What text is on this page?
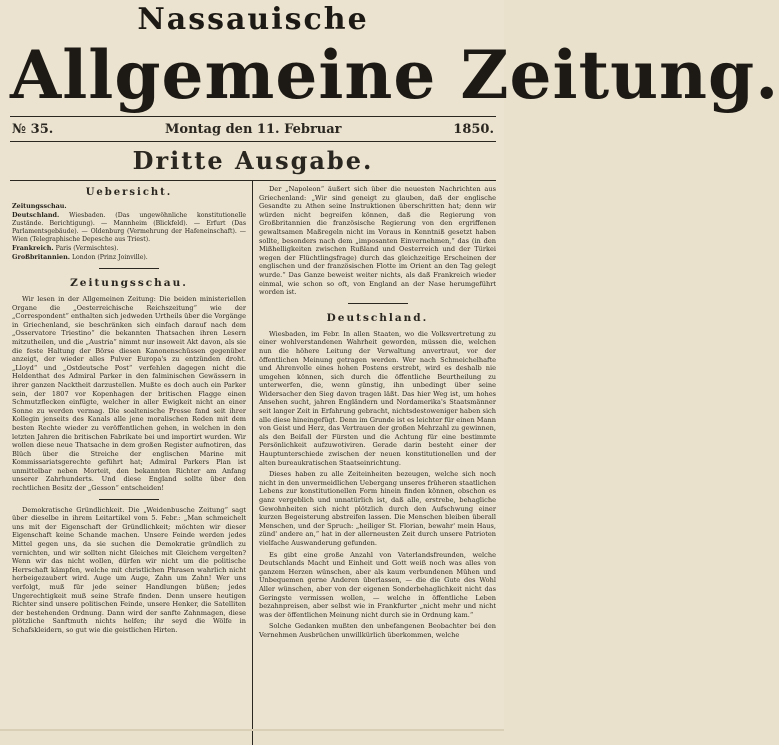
Nassauische
Allgemeine Zeitung.
№ 35.	Montag den 11. Februar	1850.
Dritte Ausgabe.
Uebersicht.
Zeitungsschau.
Deutschland. Wiesbaden. (Das ungewöhnliche konstitutionelle Zustände. Berichtigung). — Mannheim (Blickfeld). — Erfurt (Das Parlamentsgebäude). — Oldenburg (Vermehrung der Hafeneinschaft). — Wien (Telegraphische Depesche aus Triest).
Frankreich. Paris (Vermischtes).
Großbritannien. London (Prinz Joinville).
Zeitungsschau.

Wir lesen in der Allgemeinen Zeitung: Die beiden ministeriellen Organe die „Oesterreichische Reichszeitung“ wie der „Correspondent“ enthalten sich jedweden Urtheils über die Vorgänge in Griechenland, sie beschränken sich einfach darauf nach dem „Osservatore Triestino“ die bekannten Thatsachen ihren Lesern mitzutheilen, und die „Austria“ nimmt nur insoweit Akt davon, als sie die feste Haltung der Börse diesen Kanonenschüssen gegenüber anzeigt, der wieder alles Pulver Europa's zu entzünden droht. „Lloyd“ und „Ostdeutsche Post“ verfehlen dagegen nicht die Heldenthat des Admiral Parker in den falminischen Gewässern in ihrer ganzen Nacktheit darzustellen. Mußte es doch auch ein Parker sein, der 1807 vor Kopenhagen der britischen Flagge einen Schmutzflecken einfügte, welcher in aller Ewigkeit nicht an einer Sonne zu werden vermag. Die soaltenische Presse fand seit ihrer Kollegin jenseits des Kanals alle jene moralischen Reden mit dem besten Rechte wieder zu veröffentlichen gehen, in welchen in den letzten Jahren die britischen Fabrikate bei und importirt wurden. Wir wollen diese neue Thatsache in dem großen Register aufnotiren, das Blüch über die Streiche der englischen Marine mit Kommissariatsgerechte geführt hat; Admiral Parkers Plan ist unmittelbar neben Morteit, den bekannten Richter am Anfang unserer Zahrhunderts. Und diese England sollte über den rechtlichen Besitz der „Gesson“ entscheiden!

Demokratische Gründlichkeit. Die „Weidenbusche Zeitung“ sagt über dieselbe in ihrem Leitartikel vom 5. Febr.: „Man schmeichelt uns mit der Eigenschaft der Gründlichkeit; möchten wir dieser Eigenschaft keine Schande machen. Unsere Feinde werden jedes Mittel gegen uns, da sie suchen die Demokratie gründlich zu vernichten, und wir sollten nicht Gleiches mit Gleichem vergelten? Wenn wir das nicht wollen, dürfen wir nicht um die politische Herrschaft kämpfen, welche mit christlichen Phrasen wahrlich nicht herbeigezaubert wird. Auge um Auge, Zahn um Zahn! Wer uns verfolgt, muß für jede seiner Handlungen büßen; jedes Ungerechtigkeit muß seine Strafe finden. Denn unsere heutigen Richter sind unsere politischen Feinde, unsere Henker, die Satelliten der bestehenden Ordnung. Dann wird der sanfte Zahnmagen, diese plötzliche Sanftmuth nichts helfen; ihr seyd die Wölfe in Schafskleidern, so gut wie die geistlichen Hirten.

Der „Napoleon“ äußert sich über die neuesten Nachrichten aus Griechenland: „Wir sind geneigt zu glauben, daß der englische Gesandte zu Athen seine Instruktionen überschritten hat; denn wir würden nicht begreifen können, daß die Regierung von Großbritannien die französische Regierung von den ergriffenen gewaltsamen Maßregeln nicht im Voraus in Kenntniß gesetzt haben sollte, besonders nach dem „imposanten Einvernehmen,“ das (in den Mißhelligkeiten zwischen Rußland und Oesterreich und der Türkei wegen der Flüchtlingsfrage) durch das gleichzeitige Erscheinen der englischen und der französischen Flotte im Orient an den Tag gelegt wurde.“ Das Ganze beweist weiter nichts, als daß Frankreich wieder einmal, wie schon so oft, von England an der Nase herumgeführt worden ist.

Deutschland.

Wiesbaden, im Febr. In allen Staaten, wo die Volksvertretung zu einer wohlverstandenen Wahrheit geworden, müssen die, welchen nun die höhere Leitung der Verwaltung anvertraut, vor der öffentlichen Meinung getragen werden. Wer nach Schmeichelhafte und Ahrenvolle eines hohen Postens erstrebt, wird es deshalb nie umgehen können, sich durch die öffentliche Beurtheilung zu unterwerfen, die, wenn günstig, ihn unbedingt über seine Widersacher den Sieg davon tragen läßt. Das hier Weg ist, um hohes Ansehen sucht, jahren Engländern und Nordamerika's Staatsmänner seit langer Zeit in Erfahrung gebracht, nichtsdestoweniger haben sich alle diese hineingefügt. Denn im Grunde ist es leichter für einen Mann von Geist und Herz, das Vertrauen der großen Mehrzahl zu gewinnen, als den Beifall der Fürsten und die Achtung für eine bestimmte Persönlichkeit aufzuwotiviren. Gerade darin besteht einer der Hauptunterschiede zwischen der neuen konstitutionellen und der alten bureaukratischen Staatseinrichtung.

Dieses haben zu alle Zeiteinheiten bezeugen, welche sich noch nicht in den unvermeidlichen Uebergang unseres früheren staatlichen Lebens zur konstitutionellen Form hinein finden können, obschon es ganz vergeblich und unnatürlich ist, daß alle, erstrebe, behagliche Gewohnheiten sich nicht plötzlich durch den Aufschwung einer kurzen Begeisterung abstreifen lassen. Die Menschen bleiben überall Menschen, und der Spruch: „heiliger St. Florian, bewahr' mein Haus, zünd' andere an,“ hat in der allerneusten Zeit durch unsere Patrioten vielfache Auswanderung gefunden.

Es gibt eine große Anzahl von Vaterlandsfreunden, welche Deutschlands Macht und Einheit und Gott weiß noch was alles von ganzem Herzen wünschen, aber als kaum verbundenen Mühen und Unbequemen gerne Anderen überlassen, — die die Gute des Wohl Aller wünschen, aber von der eigenen Sonderbehaglichkeit nicht das Geringste vermissen wollen, — welche in öffentliche Leben bezahnpreisen, aber selbst wie in Frankfurter „nicht mehr und nicht was der öffentlichen Meinung nicht durch sie in Ordnung kam.“

Solche Gedanken mußten den unbefangenen Beobachter bei den Vernehmen Ausbrüchen unwillkürlich überkommen, welche
